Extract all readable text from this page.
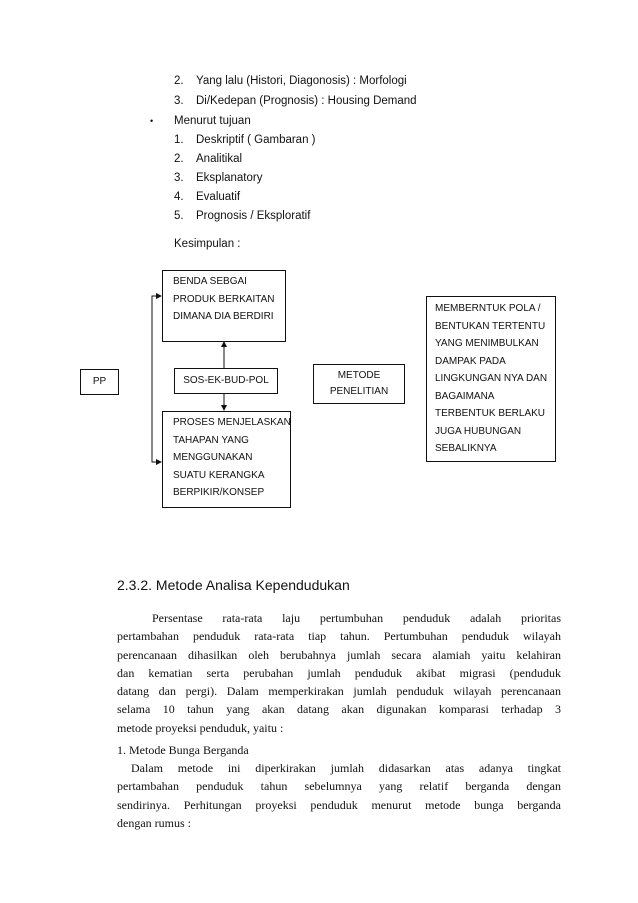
2. Yang lalu (Histori, Diagonosis) : Morfologi
3. Di/Kedepan (Prognosis) : Housing Demand
• Menurut tujuan
1. Deskriptif ( Gambaran )
2. Analitikal
3. Eksplanatory
4. Evaluatif
5. Prognosis / Eksploratif
Kesimpulan :
PP
BENDA SEBGAI
PRODUK BERKAITAN
DIMANA DIA BERDIRI
SOS-EK-BUD-POL
PROSES MENJELASKAN
TAHAPAN YANG
MENGGUNAKAN
SUATU KERANGKA
BERPIKIR/KONSEP
METODE
PENELITIAN
MEMBERNTUK POLA /
BENTUKAN TERTENTU
YANG MENIMBULKAN
DAMPAK PADA
LINGKUNGAN NYA DAN
BAGAIMANA
TERBENTUK BERLAKU
JUGA HUBUNGAN
SEBALIKNYA
2.3.2. Metode Analisa Kependudukan
Persentase rata-rata laju pertumbuhan penduduk adalah prioritas
pertambahan penduduk rata-rata tiap tahun. Pertumbuhan penduduk wilayah
perencanaan dihasilkan oleh berubahnya jumlah secara alamiah yaitu kelahiran
dan kematian serta perubahan jumlah penduduk akibat migrasi (penduduk
datang dan pergi). Dalam memperkirakan jumlah penduduk wilayah perencanaan
selama 10 tahun yang akan datang akan digunakan komparasi terhadap 3
metode proyeksi penduduk, yaitu :
1. Metode Bunga Berganda
Dalam metode ini diperkirakan jumlah didasarkan atas adanya tingkat
pertambahan penduduk tahun sebelumnya yang relatif berganda dengan
sendirinya. Perhitungan proyeksi penduduk menurut metode bunga berganda
dengan rumus :
